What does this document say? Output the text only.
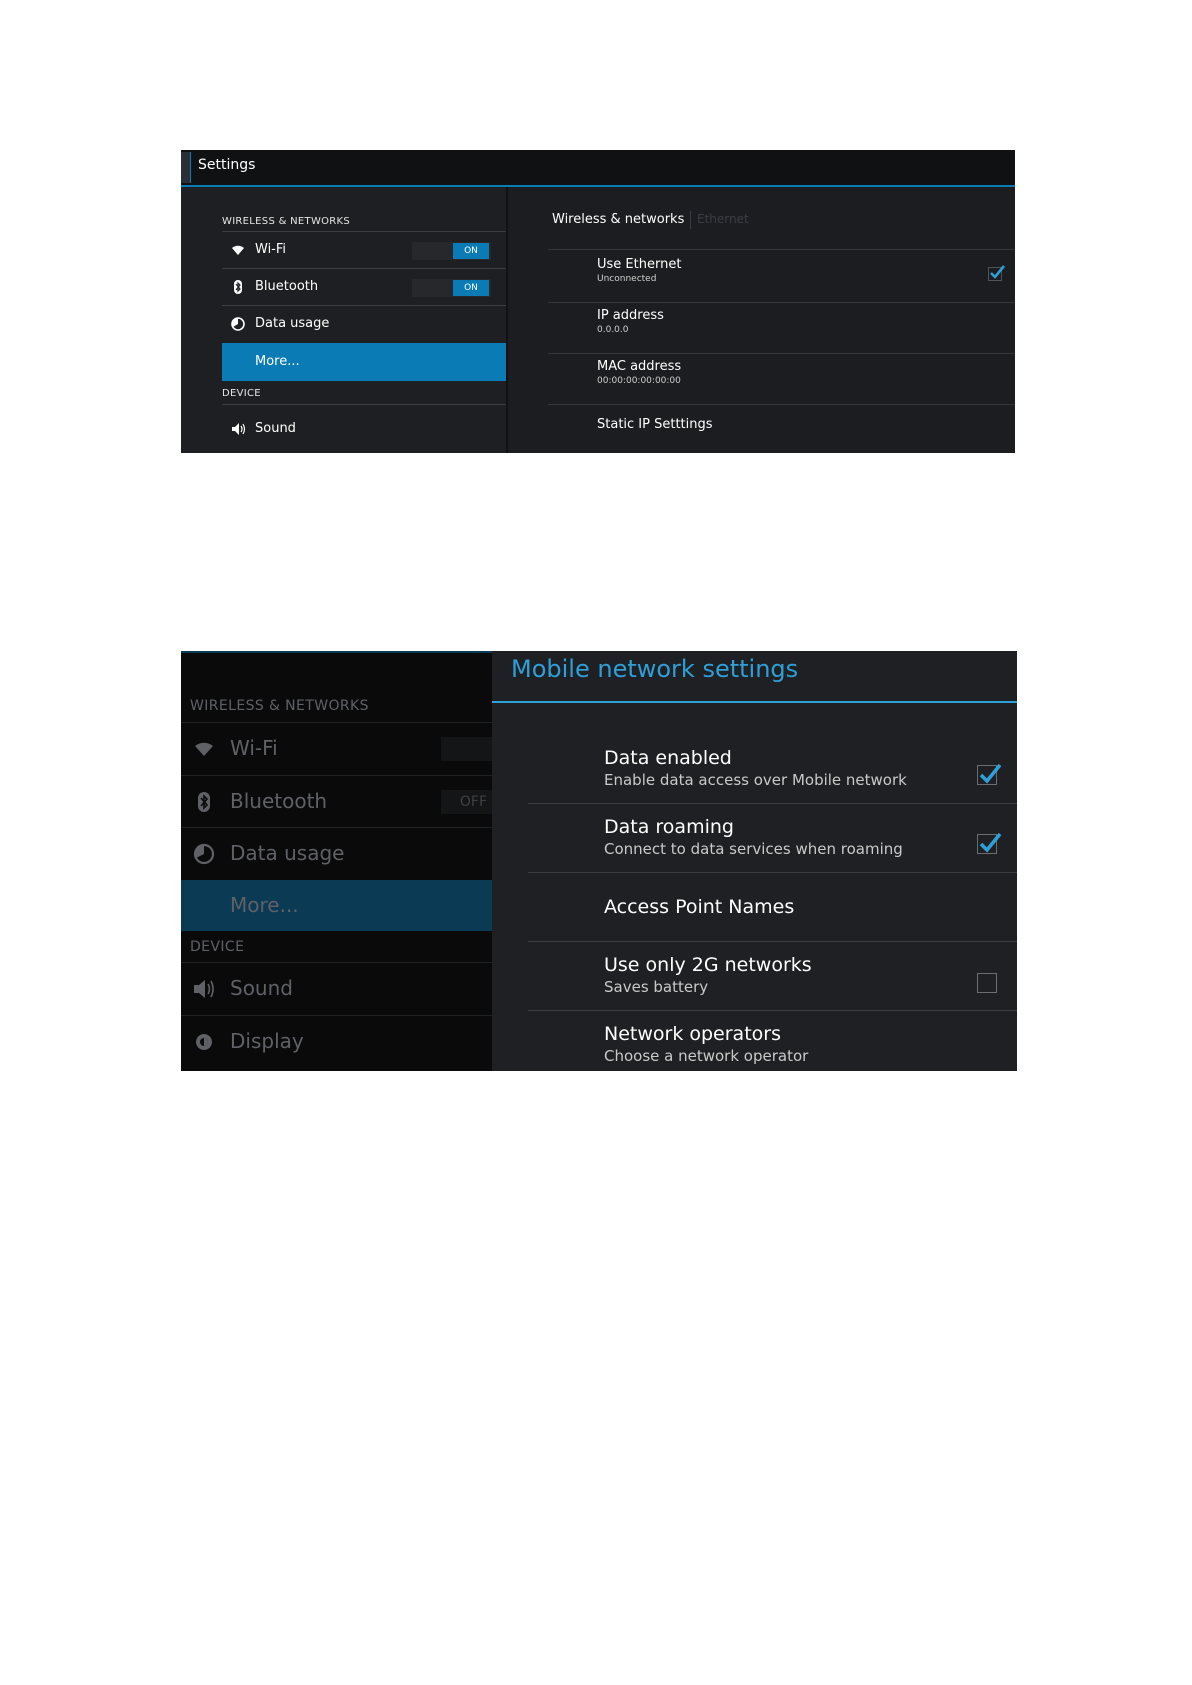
Settings
WIRELESS & NETWORKS
Wi-Fi	ON
Bluetooth	ON
Data usage
More...
DEVICE
Sound
Wireless & networks Ethernet
Use Ethernet
Unconnected
IP address
0.0.0.0
MAC address
00:00:00:00:00:00
Static IP Setttings
WIRELESS & NETWORKS
Wi-Fi
Bluetooth	OFF
Data usage
More...
DEVICE
Sound
Display
Mobile network settings
Data enabled
Enable data access over Mobile network
Data roaming
Connect to data services when roaming
Access Point Names
Use only 2G networks
Saves battery
Network operators
Choose a network operator
